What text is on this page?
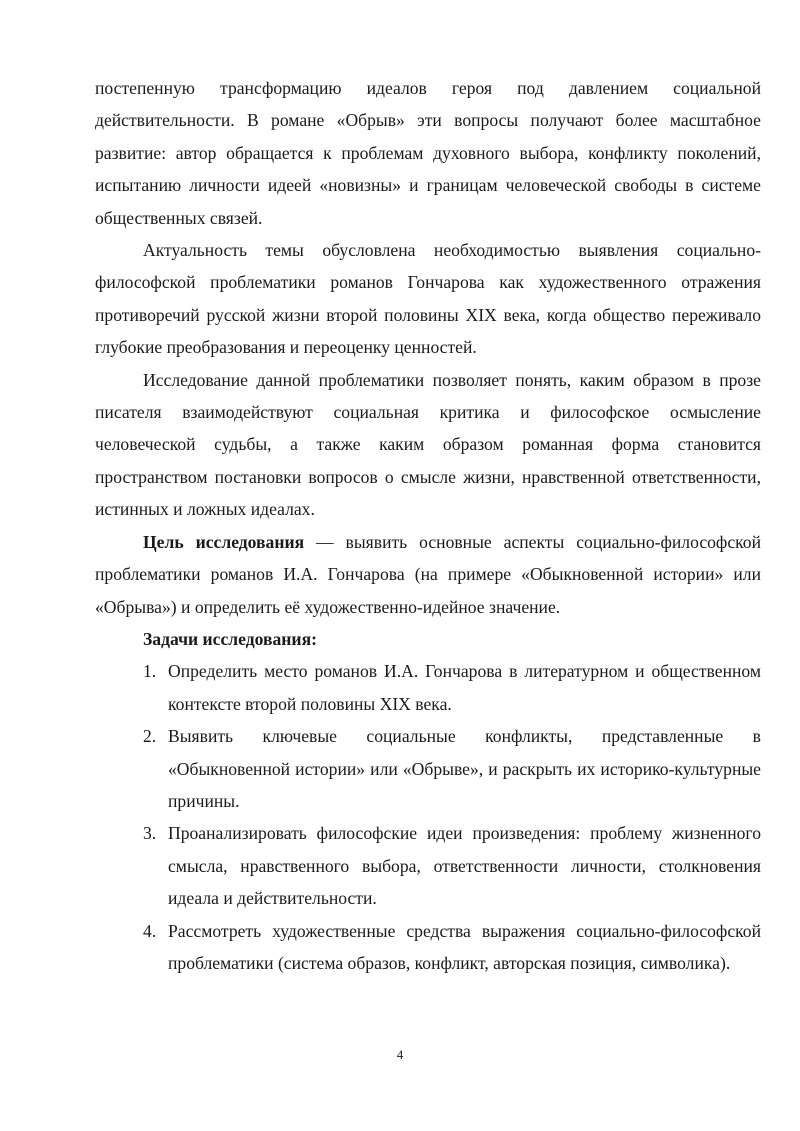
постепенную трансформацию идеалов героя под давлением социальной действительности. В романе «Обрыв» эти вопросы получают более масштабное развитие: автор обращается к проблемам духовного выбора, конфликту поколений, испытанию личности идеей «новизны» и границам человеческой свободы в системе общественных связей.

Актуальность темы обусловлена необходимостью выявления социально-философской проблематики романов Гончарова как художественного отражения противоречий русской жизни второй половины XIX века, когда общество переживало глубокие преобразования и переоценку ценностей.

Исследование данной проблематики позволяет понять, каким образом в прозе писателя взаимодействуют социальная критика и философское осмысление человеческой судьбы, а также каким образом романная форма становится пространством постановки вопросов о смысле жизни, нравственной ответственности, истинных и ложных идеалах.

Цель исследования — выявить основные аспекты социально-философской проблематики романов И.А. Гончарова (на примере «Обыкновенной истории» или «Обрыва») и определить её художественно-идейное значение.

Задачи исследования:

1. Определить место романов И.А. Гончарова в литературном и общественном контексте второй половины XIX века.
2. Выявить ключевые социальные конфликты, представленные в «Обыкновенной истории» или «Обрыве», и раскрыть их историко-культурные причины.
3. Проанализировать философские идеи произведения: проблему жизненного смысла, нравственного выбора, ответственности личности, столкновения идеала и действительности.
4. Рассмотреть художественные средства выражения социально-философской проблематики (система образов, конфликт, авторская позиция, символика).
4
